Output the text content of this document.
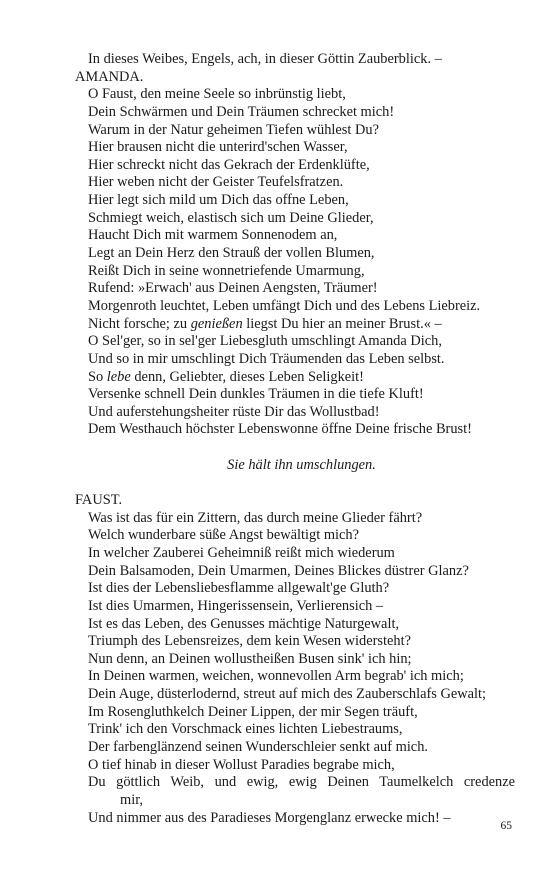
In dieses Weibes, Engels, ach, in dieser Göttin Zauberblick. –
AMANDA.
O Faust, den meine Seele so inbrünstig liebt,
Dein Schwärmen und Dein Träumen schrecket mich!
Warum in der Natur geheimen Tiefen wühlest Du?
Hier brausen nicht die unterird'schen Wasser,
Hier schreckt nicht das Gekrach der Erdenklüfte,
Hier weben nicht der Geister Teufelsfratzen.
Hier legt sich mild um Dich das offne Leben,
Schmiegt weich, elastisch sich um Deine Glieder,
Haucht Dich mit warmem Sonnenodem an,
Legt an Dein Herz den Strauß der vollen Blumen,
Reißt Dich in seine wonnetriefende Umarmung,
Rufend: »Erwach' aus Deinen Aengsten, Träumer!
Morgenroth leuchtet, Leben umfängt Dich und des Lebens Liebreiz.
Nicht forsche; zu genießen liegst Du hier an meiner Brust.« –
O Sel'ger, so in sel'ger Liebesgluth umschlingt Amanda Dich,
Und so in mir umschlingt Dich Träumenden das Leben selbst.
So lebe denn, Geliebter, dieses Leben Seligkeit!
Versenke schnell Dein dunkles Träumen in die tiefe Kluft!
Und auferstehungsheiter rüste Dir das Wollustbad!
Dem Westhauch höchster Lebenswonne öffne Deine frische Brust!
Sie hält ihn umschlungen.
FAUST.
Was ist das für ein Zittern, das durch meine Glieder fährt?
Welch wunderbare süße Angst bewältigt mich?
In welcher Zauberei Geheimniß reißt mich wiederum
Dein Balsamoden, Dein Umarmen, Deines Blickes düstrer Glanz?
Ist dies der Lebensliebesflamme allgewalt'ge Gluth?
Ist dies Umarmen, Hingerissensein, Verlierensich –
Ist es das Leben, des Genusses mächtige Naturgewalt,
Triumph des Lebensreizes, dem kein Wesen widersteht?
Nun denn, an Deinen wollustheißen Busen sink' ich hin;
In Deinen warmen, weichen, wonnevollen Arm begrab' ich mich;
Dein Auge, düsterlodernd, streut auf mich des Zauberschlafs Gewalt;
Im Rosengluthkelch Deiner Lippen, der mir Segen träuft,
Trink' ich den Vorschmack eines lichten Liebestraums,
Der farbenglänzend seinen Wunderschleier senkt auf mich.
O tief hinab in dieser Wollust Paradies begrabe mich,
Du göttlich Weib, und ewig, ewig Deinen Taumelkelch credenze
mir,
Und nimmer aus des Paradieses Morgenglanz erwecke mich! –
65
